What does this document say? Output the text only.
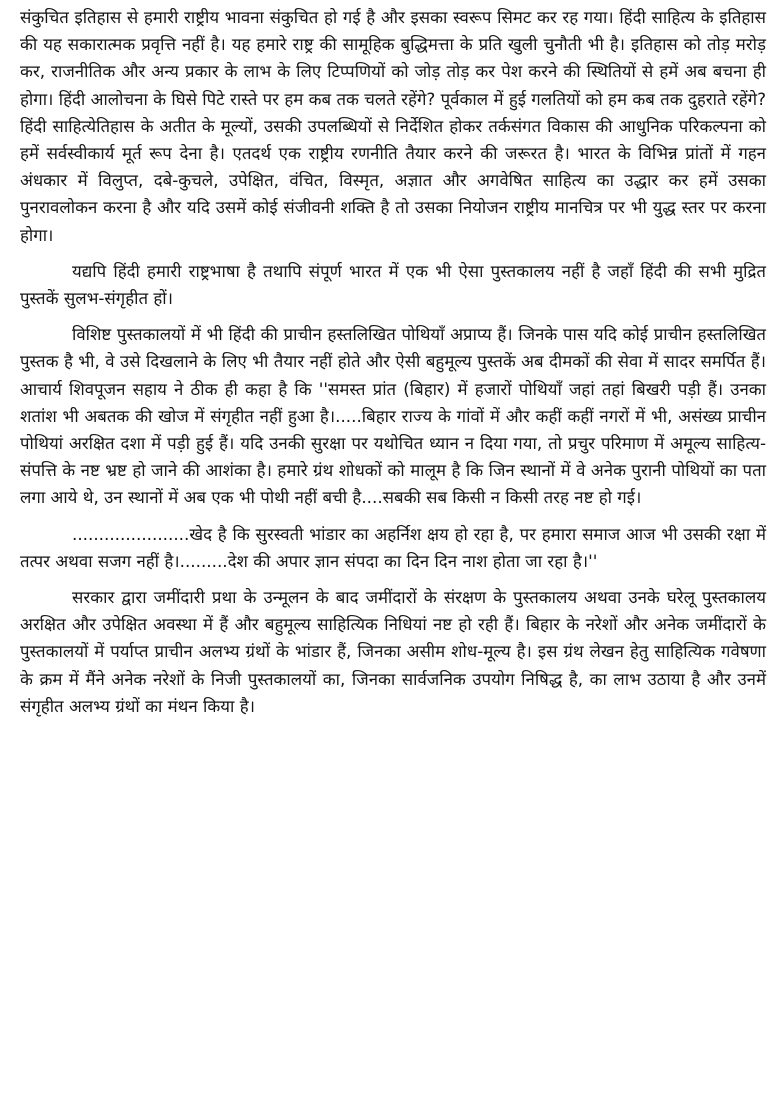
संकुचित इतिहास से हमारी राष्ट्रीय भावना संकुचित हो गई है और इसका स्वरूप सिमट कर रह गया। हिंदी साहित्य के इतिहास की यह सकारात्मक प्रवृत्ति नहीं है। यह हमारे राष्ट्र की सामूहिक बुद्धिमत्ता के प्रति खुली चुनौती भी है। इतिहास को तोड़ मरोड़ कर, राजनीतिक और अन्य प्रकार के लाभ के लिए टिप्पणियों को जोड़ तोड़ कर पेश करने की स्थितियों से हमें अब बचना ही होगा। हिंदी आलोचना के घिसे पिटे रास्ते पर हम कब तक चलते रहेंगे? पूर्वकाल में हुई गलतियों को हम कब तक दुहराते रहेंगे? हिंदी साहित्येतिहास के अतीत के मूल्यों, उसकी उपलब्धियों से निर्देशित होकर तर्कसंगत विकास की आधुनिक परिकल्पना को हमें सर्वस्वीकार्य मूर्त रूप देना है। एतदर्थ एक राष्ट्रीय रणनीति तैयार करने की जरूरत है। भारत के विभिन्न प्रांतों में गहन अंधकार में विलुप्त, दबे-कुचले, उपेक्षित, वंचित, विस्मृत, अज्ञात और अगवेषित साहित्य का उद्धार कर हमें उसका पुनरावलोकन करना है और यदि उसमें कोई संजीवनी शक्ति है तो उसका नियोजन राष्ट्रीय मानचित्र पर भी युद्ध स्तर पर करना होगा।

यद्यपि हिंदी हमारी राष्ट्रभाषा है तथापि संपूर्ण भारत में एक भी ऐसा पुस्तकालय नहीं है जहाँ हिंदी की सभी मुद्रित पुस्तकें सुलभ-संगृहीत हों।

विशिष्ट पुस्तकालयों में भी हिंदी की प्राचीन हस्तलिखित पोथियाँ अप्राप्य हैं। जिनके पास यदि कोई प्राचीन हस्तलिखित पुस्तक है भी, वे उसे दिखलाने के लिए भी तैयार नहीं होते और ऐसी बहुमूल्य पुस्तकें अब दीमकों की सेवा में सादर समर्पित हैं। आचार्य शिवपूजन सहाय ने ठीक ही कहा है कि ''समस्त प्रांत (बिहार) में हजारों पोथियाँ जहां तहां बिखरी पड़ी हैं। उनका शतांश भी अबतक की खोज में संगृहीत नहीं हुआ है।.....बिहार राज्य के गांवों में और कहीं कहीं नगरों में भी, असंख्य प्राचीन पोथियां अरक्षित दशा में पड़ी हुई हैं। यदि उनकी सुरक्षा पर यथोचित ध्यान न दिया गया, तो प्रचुर परिमाण में अमूल्य साहित्य-संपत्ति के नष्ट भ्रष्ट हो जाने की आशंका है। हमारे ग्रंथ शोधकों को मालूम है कि जिन स्थानों में वे अनेक पुरानी पोथियों का पता लगा आये थे, उन स्थानों में अब एक भी पोथी नहीं बची है....सबकी सब किसी न किसी तरह नष्ट हो गई।

......................खेद है कि सुरस्वती भांडार का अहर्निश क्षय हो रहा है, पर हमारा समाज आज भी उसकी रक्षा में तत्पर अथवा सजग नहीं है।.........देश की अपार ज्ञान संपदा का दिन दिन नाश होता जा रहा है।''

सरकार द्वारा जमींदारी प्रथा के उन्मूलन के बाद जमींदारों के संरक्षण के पुस्तकालय अथवा उनके घरेलू पुस्तकालय अरक्षित और उपेक्षित अवस्था में हैं और बहुमूल्य साहित्यिक निधियां नष्ट हो रही हैं। बिहार के नरेशों और अनेक जमींदारों के पुस्तकालयों में पर्याप्त प्राचीन अलभ्य ग्रंथों के भांडार हैं, जिनका असीम शोध-मूल्य है। इस ग्रंथ लेखन हेतु साहित्यिक गवेषणा के क्रम में मैंने अनेक नरेशों के निजी पुस्तकालयों का, जिनका सार्वजनिक उपयोग निषिद्ध है, का लाभ उठाया है और उनमें संगृहीत अलभ्य ग्रंथों का मंथन किया है।
